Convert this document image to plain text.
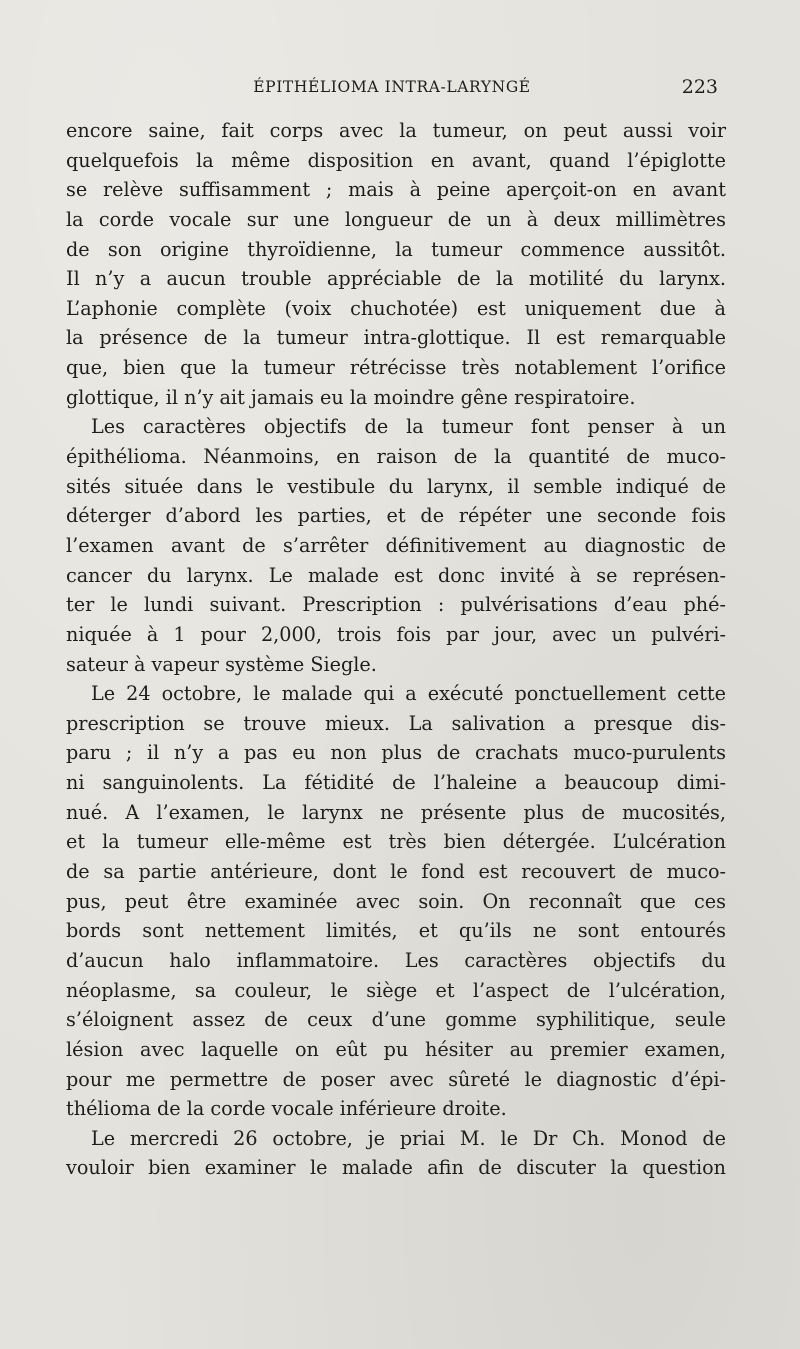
ÉPITHÉLIOMA INTRA-LARYNGÉ	223
encore saine, fait corps avec la tumeur, on peut aussi voir
quelquefois la même disposition en avant, quand l’épiglotte
se relève suffisamment ; mais à peine aperçoit-on en avant
la corde vocale sur une longueur de un à deux millimètres
de son origine thyroïdienne, la tumeur commence aussitôt.
Il n’y a aucun trouble appréciable de la motilité du larynx.
L’aphonie complète (voix chuchotée) est uniquement due à
la présence de la tumeur intra-glottique. Il est remarquable
que, bien que la tumeur rétrécisse très notablement l’orifice
glottique, il n’y ait jamais eu la moindre gêne respiratoire.
Les caractères objectifs de la tumeur font penser à un
épithélioma. Néanmoins, en raison de la quantité de muco-
sités située dans le vestibule du larynx, il semble indiqué de
déterger d’abord les parties, et de répéter une seconde fois
l’examen avant de s’arrêter définitivement au diagnostic de
cancer du larynx. Le malade est donc invité à se représen-
ter le lundi suivant. Prescription : pulvérisations d’eau phé-
niquée à 1 pour 2,000, trois fois par jour, avec un pulvéri-
sateur à vapeur système Siegle.
Le 24 octobre, le malade qui a exécuté ponctuellement cette
prescription se trouve mieux. La salivation a presque dis-
paru ; il n’y a pas eu non plus de crachats muco-purulents
ni sanguinolents. La fétidité de l’haleine a beaucoup dimi-
nué. A l’examen, le larynx ne présente plus de mucosités,
et la tumeur elle-même est très bien détergée. L’ulcération
de sa partie antérieure, dont le fond est recouvert de muco-
pus, peut être examinée avec soin. On reconnaît que ces
bords sont nettement limités, et qu’ils ne sont entourés
d’aucun halo inflammatoire. Les caractères objectifs du
néoplasme, sa couleur, le siège et l’aspect de l’ulcération,
s’éloignent assez de ceux d’une gomme syphilitique, seule
lésion avec laquelle on eût pu hésiter au premier examen,
pour me permettre de poser avec sûreté le diagnostic d’épi-
thélioma de la corde vocale inférieure droite.
Le mercredi 26 octobre, je priai M. le Dr Ch. Monod de
vouloir bien examiner le malade afin de discuter la question
